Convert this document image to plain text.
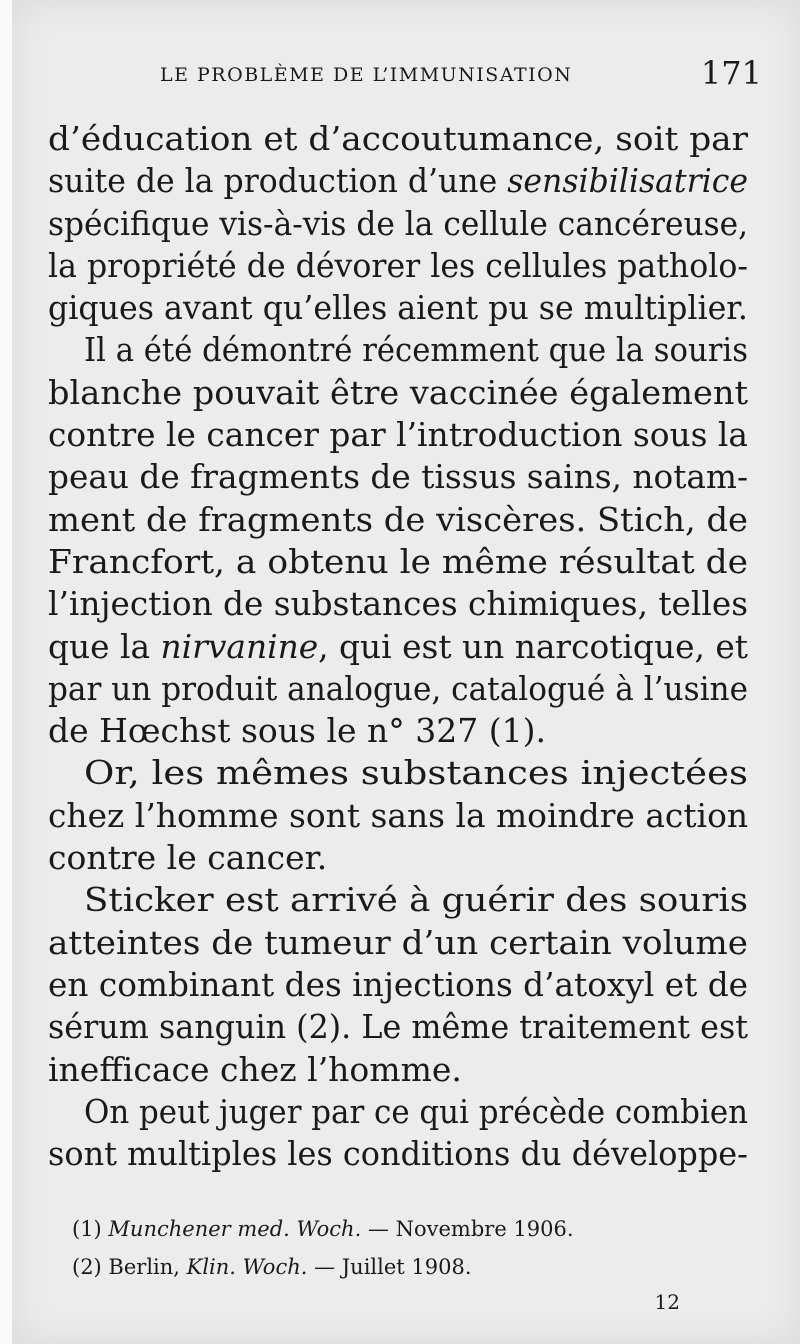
LE PROBLÈME DE L’IMMUNISATION	171
d’éducation et d’accoutumance, soit par
suite de la production d’une sensibilisatrice
spécifique vis-à-vis de la cellule cancéreuse,
la propriété de dévorer les cellules patholo-
giques avant qu’elles aient pu se multiplier.
Il a été démontré récemment que la souris
blanche pouvait être vaccinée également
contre le cancer par l’introduction sous la
peau de fragments de tissus sains, notam-
ment de fragments de viscères. Stich, de
Francfort, a obtenu le même résultat de
l’injection de substances chimiques, telles
que la nirvanine, qui est un narcotique, et
par un produit analogue, catalogué à l’usine
de Hœchst sous le n° 327 (1).
Or, les mêmes substances injectées
chez l’homme sont sans la moindre action
contre le cancer.
Sticker est arrivé à guérir des souris
atteintes de tumeur d’un certain volume
en combinant des injections d’atoxyl et de
sérum sanguin (2). Le même traitement est
inefficace chez l’homme.
On peut juger par ce qui précède combien
sont multiples les conditions du développe-
(1) Munchener med. Woch. — Novembre 1906.
(2) Berlin, Klin. Woch. — Juillet 1908.
12
